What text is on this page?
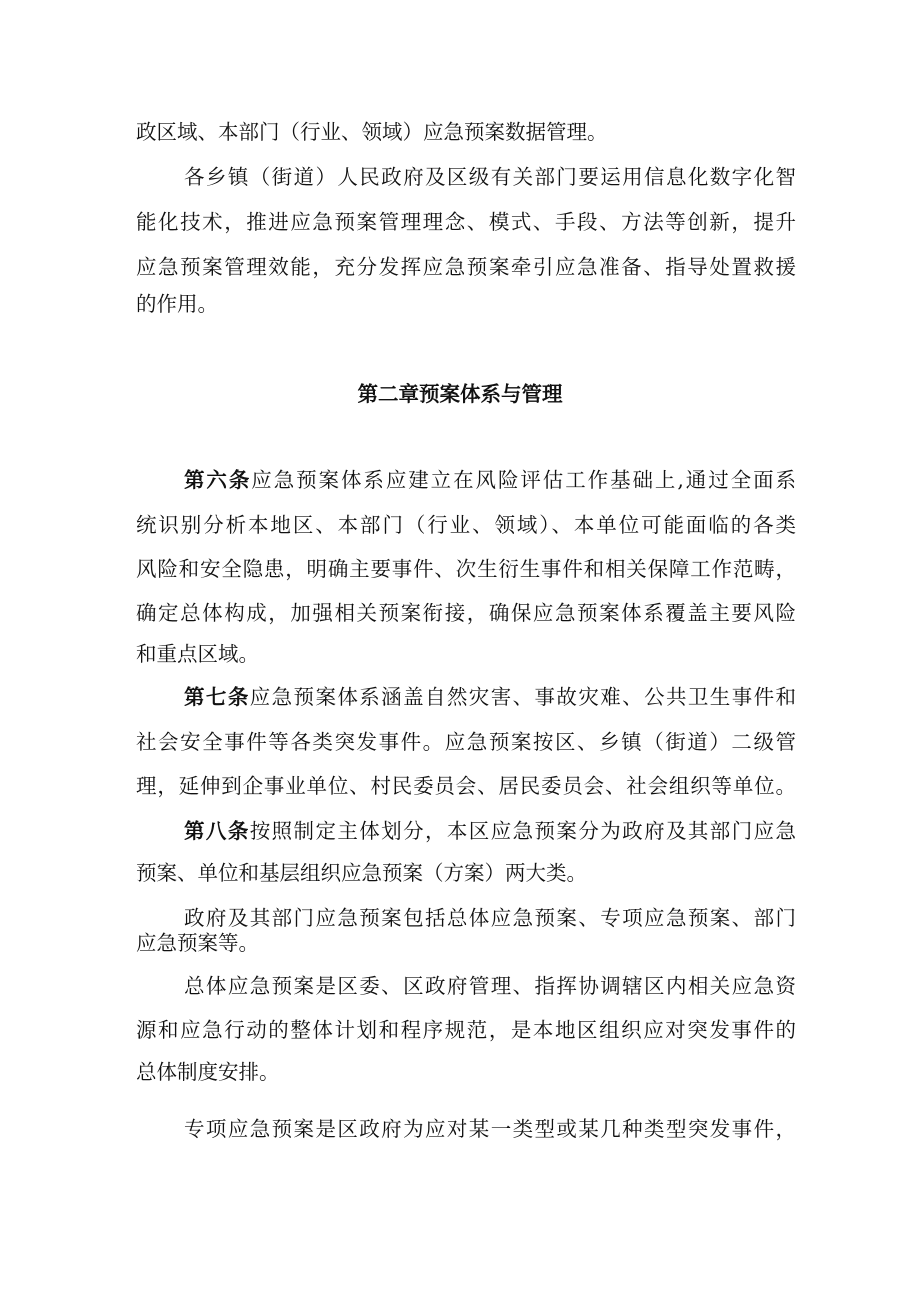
政区域、本部门（行业、领域）应急预案数据管理。
各乡镇（街道）人民政府及区级有关部门要运用信息化数字化智
能化技术，推进应急预案管理理念、模式、手段、方法等创新，提升
应急预案管理效能，充分发挥应急预案牵引应急准备、指导处置救援
的作用。
第二章预案体系与管理
第六条应急预案体系应建立在风险评估工作基础上,通过全面系
统识别分析本地区、本部门（行业、领域）、本单位可能面临的各类
风险和安全隐患，明确主要事件、次生衍生事件和相关保障工作范畴，
确定总体构成，加强相关预案衔接，确保应急预案体系覆盖主要风险
和重点区域。
第七条应急预案体系涵盖自然灾害、事故灾难、公共卫生事件和
社会安全事件等各类突发事件。应急预案按区、乡镇（街道）二级管
理，延伸到企事业单位、村民委员会、居民委员会、社会组织等单位。
第八条按照制定主体划分，本区应急预案分为政府及其部门应急
预案、单位和基层组织应急预案（方案）两大类。
政府及其部门应急预案包括总体应急预案、专项应急预案、部门
应急预案等。
总体应急预案是区委、区政府管理、指挥协调辖区内相关应急资
源和应急行动的整体计划和程序规范，是本地区组织应对突发事件的
总体制度安排。
专项应急预案是区政府为应对某一类型或某几种类型突发事件，
